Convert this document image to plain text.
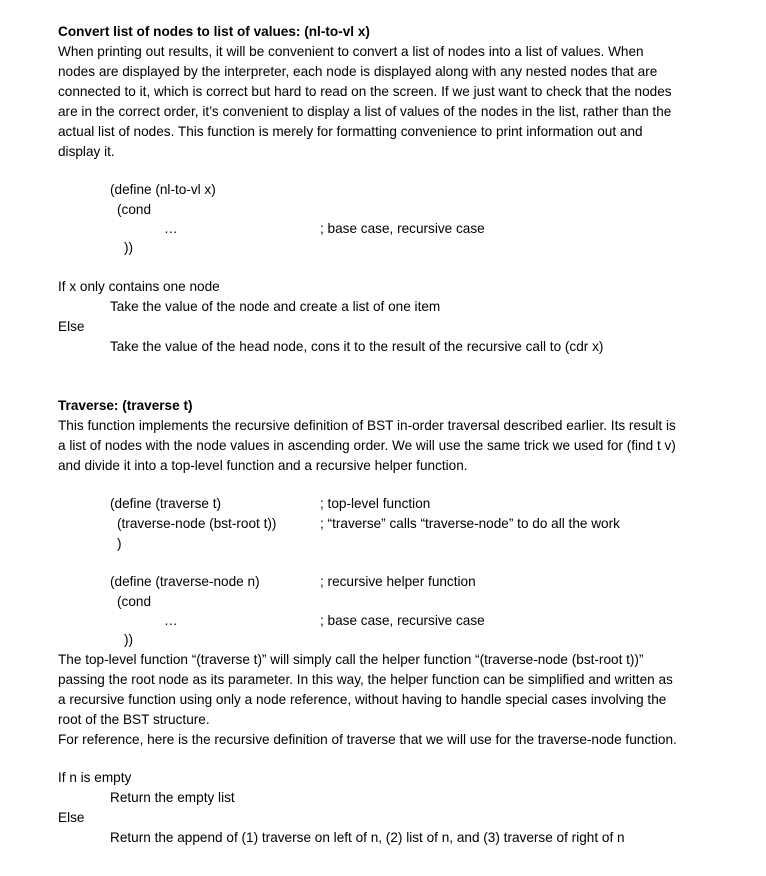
Convert list of nodes to list of values: (nl-to-vl x)
When printing out results, it will be convenient to convert a list of nodes into a list of values. When
nodes are displayed by the interpreter, each node is displayed along with any nested nodes that are
connected to it, which is correct but hard to read on the screen. If we just want to check that the nodes
are in the correct order, it’s convenient to display a list of values of the nodes in the list, rather than the
actual list of nodes. This function is merely for formatting convenience to print information out and
display it.
(define (nl-to-vl x)
(cond
…	; base case, recursive case
))
If x only contains one node
Take the value of the node and create a list of one item
Else
Take the value of the head node, cons it to the result of the recursive call to (cdr x)
Traverse: (traverse t)
This function implements the recursive definition of BST in-order traversal described earlier. Its result is
a list of nodes with the node values in ascending order. We will use the same trick we used for (find t v)
and divide it into a top-level function and a recursive helper function.
(define (traverse t)	; top-level function
(traverse-node (bst-root t))	; “traverse” calls “traverse-node” to do all the work
)
(define (traverse-node n)	; recursive helper function
(cond
…	; base case, recursive case
))
The top-level function “(traverse t)” will simply call the helper function “(traverse-node (bst-root t))”
passing the root node as its parameter. In this way, the helper function can be simplified and written as
a recursive function using only a node reference, without having to handle special cases involving the
root of the BST structure.
For reference, here is the recursive definition of traverse that we will use for the traverse-node function.
If n is empty
Return the empty list
Else
Return the append of (1) traverse on left of n, (2) list of n, and (3) traverse of right of n
